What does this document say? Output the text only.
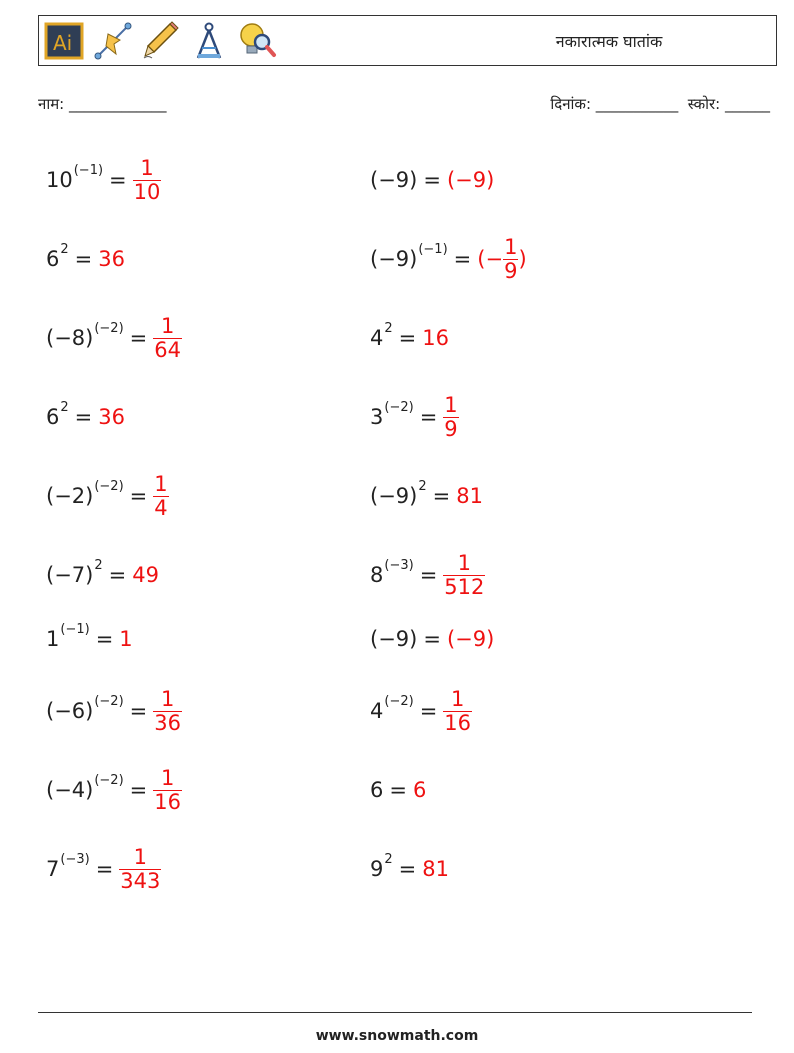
Ai	नकारात्मक घातांक
नाम: _____________	दिनांक: ___________  स्कोर: ______
10 $(-1) = \frac{1}{10}$	(−9) = (−9)
6 2 = 36	(−9) (−1) = (− $\frac{1}{9}$ )
(−8) $(-2) = \frac{1}{64}$	4 2 = 16
6 2 = 36	3 $(-2) = \frac{1}{9}$
(−2) $(-2) = \frac{1}{4}$	(−9) 2 = 81
(−7) 2 = 49	8 $(-3) = \frac{1}{512}$
1 (−1) = 1	(−9) = (−9)
(−6) $(-2) = \frac{1}{36}$	4 $(-2) = \frac{1}{16}$
(−4) $(-2) = \frac{1}{16}$	6 = 6
7 $(-3) = \frac{1}{343}$	9 2 = 81
www.snowmath.com
